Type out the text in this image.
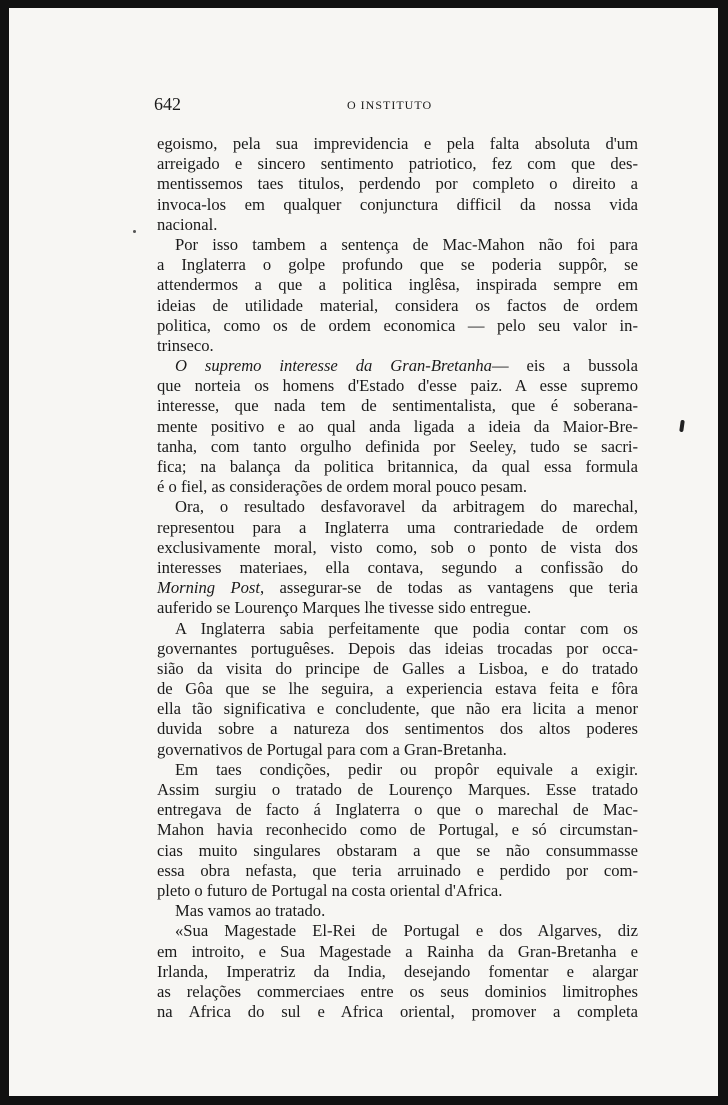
642	O INSTITUTO
egoismo, pela sua imprevidencia e pela falta absoluta d'um
arreigado e sincero sentimento patriotico, fez com que des-
mentissemos taes titulos, perdendo por completo o direito a
invoca-los em qualquer conjunctura difficil da nossa vida
nacional.
Por isso tambem a sentença de Mac-Mahon não foi para
a Inglaterra o golpe profundo que se poderia suppôr, se
attendermos a que a politica inglêsa, inspirada sempre em
ideias de utilidade material, considera os factos de ordem
politica, como os de ordem economica — pelo seu valor in-
trinseco.
O supremo interesse da Gran-Bretanha— eis a bussola
que norteia os homens d'Estado d'esse paiz. A esse supremo
interesse, que nada tem de sentimentalista, que é soberana-
mente positivo e ao qual anda ligada a ideia da Maior-Bre-
tanha, com tanto orgulho definida por Seeley, tudo se sacri-
fica; na balança da politica britannica, da qual essa formula
é o fiel, as considerações de ordem moral pouco pesam.
Ora, o resultado desfavoravel da arbitragem do marechal,
representou para a Inglaterra uma contrariedade de ordem
exclusivamente moral, visto como, sob o ponto de vista dos
interesses materiaes, ella contava, segundo a confissão do
Morning Post, assegurar-se de todas as vantagens que teria
auferido se Lourenço Marques lhe tivesse sido entregue.
A Inglaterra sabia perfeitamente que podia contar com os
governantes portuguêses. Depois das ideias trocadas por occa-
sião da visita do principe de Galles a Lisboa, e do tratado
de Gôa que se lhe seguira, a experiencia estava feita e fôra
ella tão significativa e concludente, que não era licita a menor
duvida sobre a natureza dos sentimentos dos altos poderes
governativos de Portugal para com a Gran-Bretanha.
Em taes condições, pedir ou propôr equivale a exigir.
Assim surgiu o tratado de Lourenço Marques. Esse tratado
entregava de facto á Inglaterra o que o marechal de Mac-
Mahon havia reconhecido como de Portugal, e só circumstan-
cias muito singulares obstaram a que se não consummasse
essa obra nefasta, que teria arruinado e perdido por com-
pleto o futuro de Portugal na costa oriental d'Africa.
Mas vamos ao tratado.
«Sua Magestade El-Rei de Portugal e dos Algarves, diz
em introito, e Sua Magestade a Rainha da Gran-Bretanha e
Irlanda, Imperatriz da India, desejando fomentar e alargar
as relações commerciaes entre os seus dominios limitrophes
na Africa do sul e Africa oriental, promover a completa
